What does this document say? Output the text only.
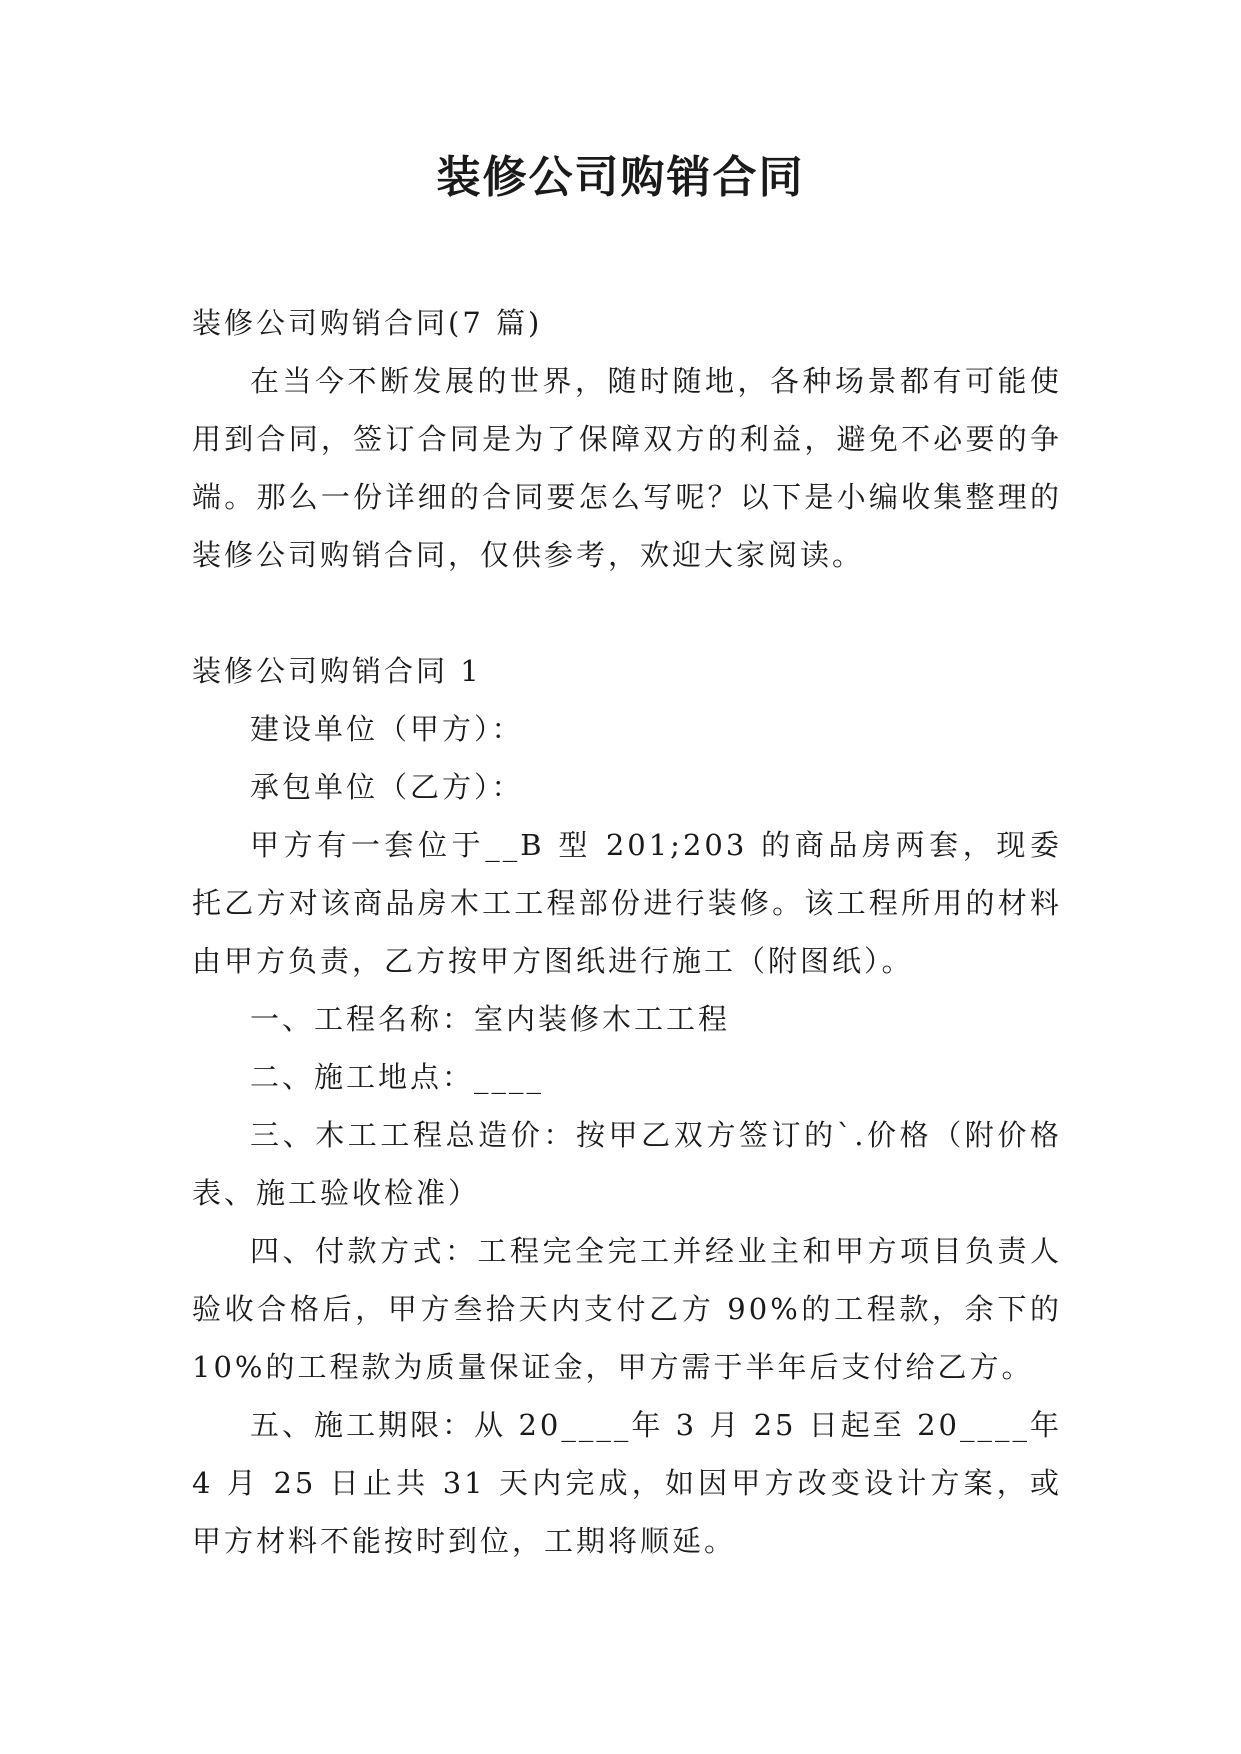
装修公司购销合同

装修公司购销合同(7 篇)

在当今不断发展的世界，随时随地，各种场景都有可能使用到合同，签订合同是为了保障双方的利益，避免不必要的争端。那么一份详细的合同要怎么写呢？以下是小编收集整理的装修公司购销合同，仅供参考，欢迎大家阅读。

装修公司购销合同 1

建设单位（甲方）：

承包单位（乙方）：

甲方有一套位于__B 型 201;203 的商品房两套，现委托乙方对该商品房木工工程部份进行装修。该工程所用的材料由甲方负责，乙方按甲方图纸进行施工（附图纸）。

一、工程名称：室内装修木工工程

二、施工地点：____

三、木工工程总造价：按甲乙双方签订的`.价格（附价格表、施工验收检准）

四、付款方式：工程完全完工并经业主和甲方项目负责人验收合格后，甲方叁拾天内支付乙方 90%的工程款，余下的 10%的工程款为质量保证金，甲方需于半年后支付给乙方。

五、施工期限：从 20____年 3 月 25 日起至 20____年 4 月 25 日止共 31 天内完成，如因甲方改变设计方案，或甲方材料不能按时到位，工期将顺延。
